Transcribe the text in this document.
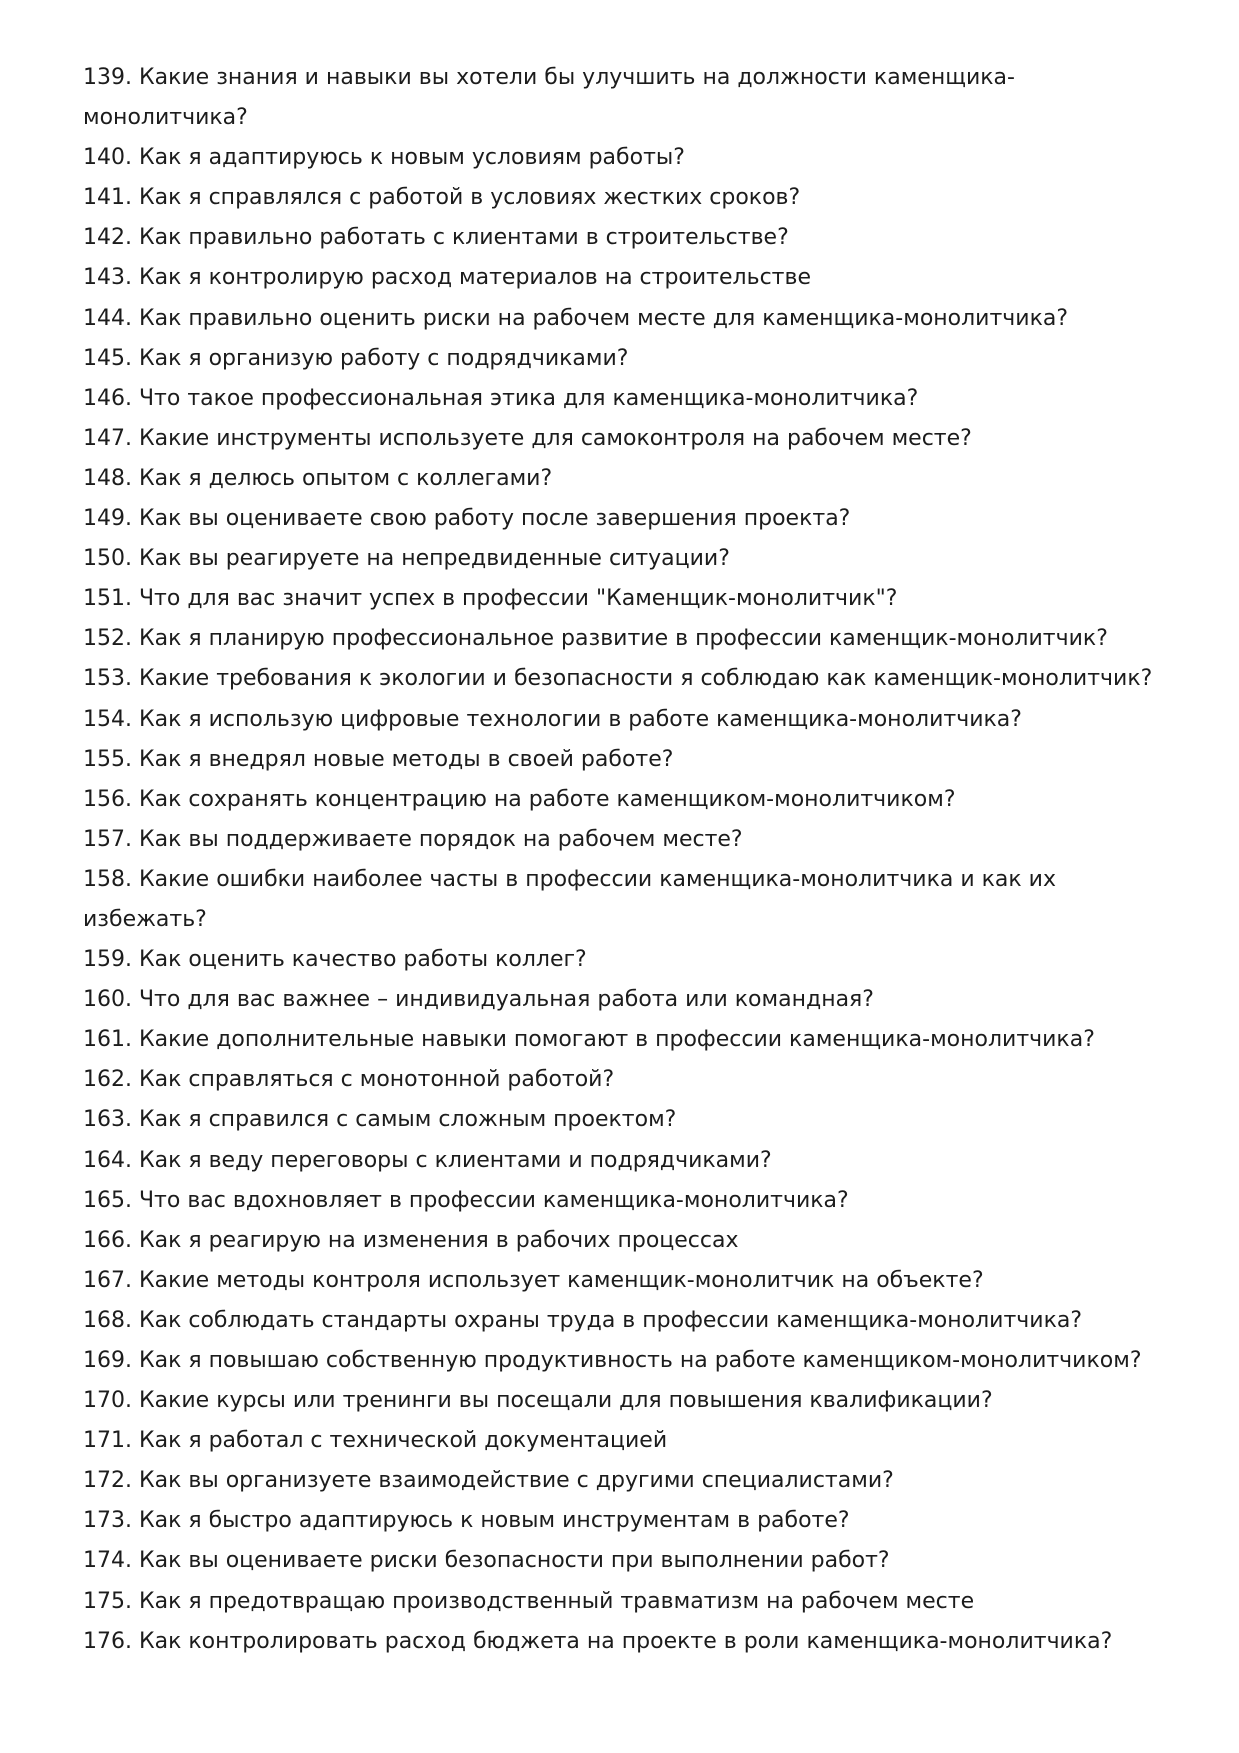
139. Какие знания и навыки вы хотели бы улучшить на должности каменщика-
монолитчика?

140. Как я адаптируюсь к новым условиям работы?

141. Как я справлялся с работой в условиях жестких сроков?

142. Как правильно работать с клиентами в строительстве?

143. Как я контролирую расход материалов на строительстве

144. Как правильно оценить риски на рабочем месте для каменщика-монолитчика?

145. Как я организую работу с подрядчиками?

146. Что такое профессиональная этика для каменщика-монолитчика?

147. Какие инструменты используете для самоконтроля на рабочем месте?

148. Как я делюсь опытом с коллегами?

149. Как вы оцениваете свою работу после завершения проекта?

150. Как вы реагируете на непредвиденные ситуации?

151. Что для вас значит успех в профессии "Каменщик-монолитчик"?

152. Как я планирую профессиональное развитие в профессии каменщик-монолитчик?

153. Какие требования к экологии и безопасности я соблюдаю как каменщик-монолитчик?

154. Как я использую цифровые технологии в работе каменщика-монолитчика?

155. Как я внедрял новые методы в своей работе?

156. Как сохранять концентрацию на работе каменщиком-монолитчиком?

157. Как вы поддерживаете порядок на рабочем месте?

158. Какие ошибки наиболее часты в профессии каменщика-монолитчика и как их
избежать?

159. Как оценить качество работы коллег?

160. Что для вас важнее – индивидуальная работа или командная?

161. Какие дополнительные навыки помогают в профессии каменщика-монолитчика?

162. Как справляться с монотонной работой?

163. Как я справился с самым сложным проектом?

164. Как я веду переговоры с клиентами и подрядчиками?

165. Что вас вдохновляет в профессии каменщика-монолитчика?

166. Как я реагирую на изменения в рабочих процессах

167. Какие методы контроля использует каменщик-монолитчик на объекте?

168. Как соблюдать стандарты охраны труда в профессии каменщика-монолитчика?

169. Как я повышаю собственную продуктивность на работе каменщиком-монолитчиком?

170. Какие курсы или тренинги вы посещали для повышения квалификации?

171. Как я работал с технической документацией

172. Как вы организуете взаимодействие с другими специалистами?

173. Как я быстро адаптируюсь к новым инструментам в работе?

174. Как вы оцениваете риски безопасности при выполнении работ?

175. Как я предотвращаю производственный травматизм на рабочем месте

176. Как контролировать расход бюджета на проекте в роли каменщика-монолитчика?
